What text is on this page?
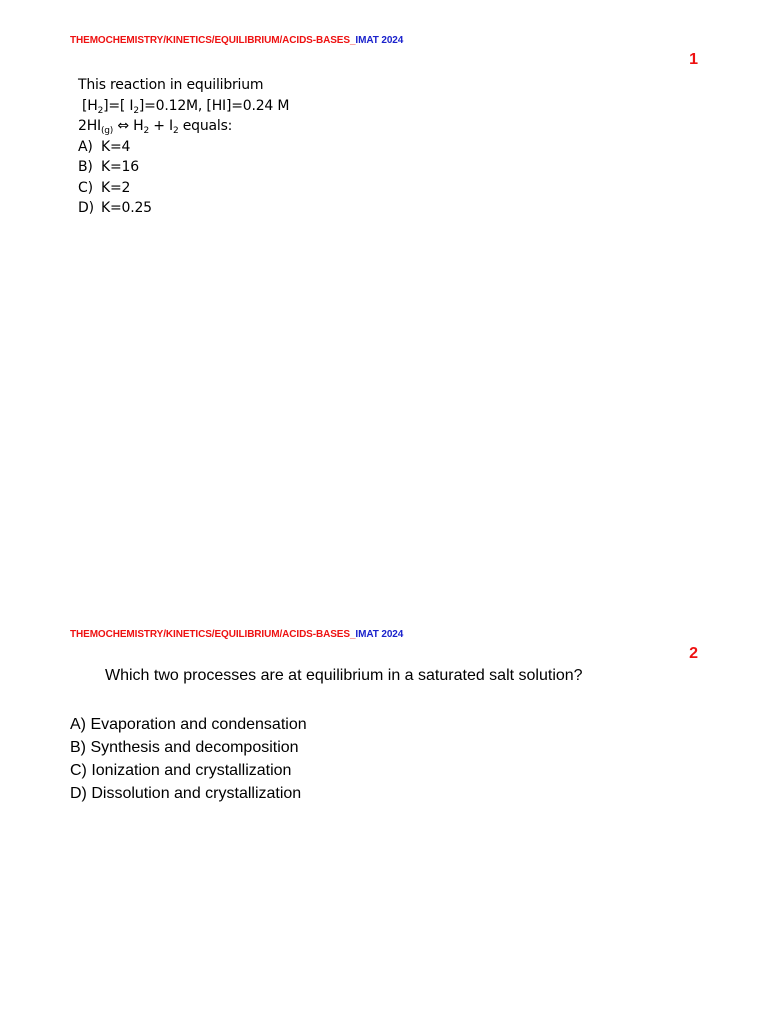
THEMOCHEMISTRY/KINETICS/EQUILIBRIUM/ACIDS-BASES_IMAT 2024
1
This reaction in equilibrium
$[H_2]=$[ $I_2]=0.12M$, [HI]=0.24 M
$2HI_{(g)}$ ⇔ $H_2 + I_2$ equals:
A) K=4
B) K=16
C) K=2
D) K=0.25
THEMOCHEMISTRY/KINETICS/EQUILIBRIUM/ACIDS-BASES_IMAT 2024
2
Which two processes are at equilibrium in a saturated salt solution?
A) Evaporation and condensation
B) Synthesis and decomposition
C) Ionization and crystallization
D) Dissolution and crystallization
